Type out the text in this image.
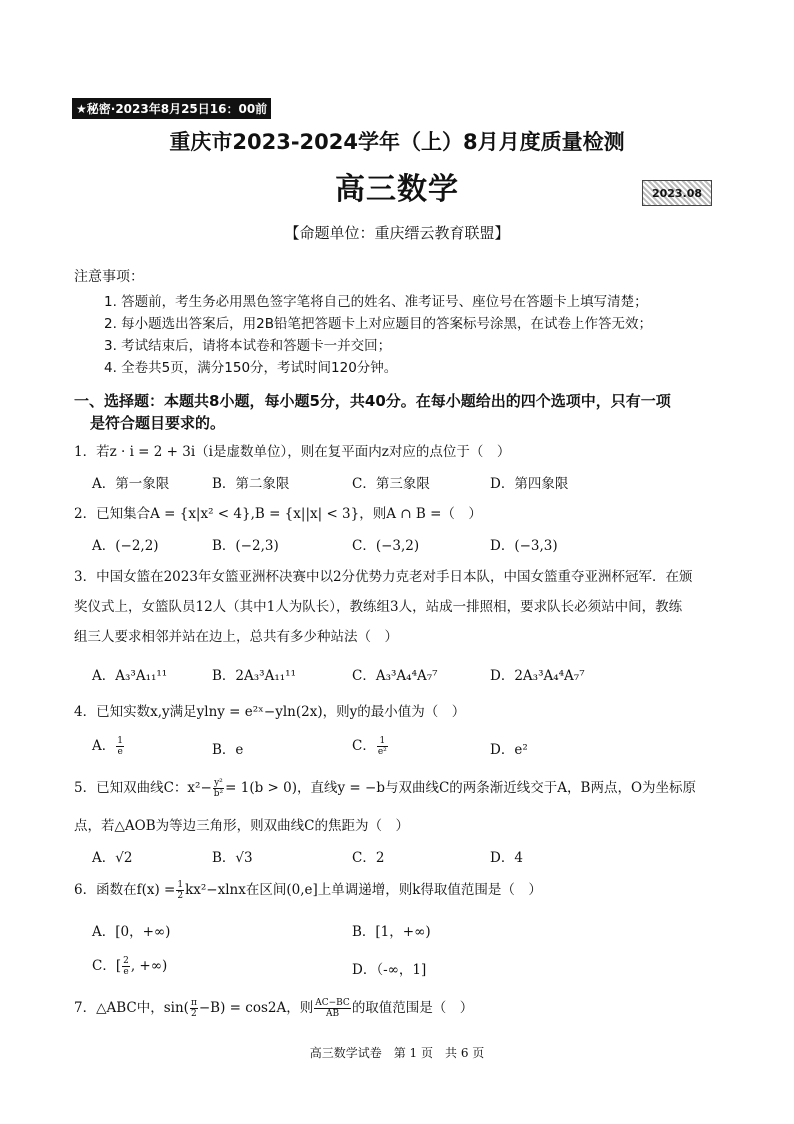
★秘密·2023年8月25日16：00前
重庆市2023-2024学年（上）8月月度质量检测
高三数学	2023.08
【命题单位：重庆缙云教育联盟】
注意事项：
1. 答题前，考生务必用黑色签字笔将自己的姓名、准考证号、座位号在答题卡上填写清楚；
2. 每小题选出答案后，用2B铅笔把答题卡上对应题目的答案标号涂黑，在试卷上作答无效；
3. 考试结束后，请将本试卷和答题卡一并交回；
4. 全卷共5页，满分150分，考试时间120分钟。
一、选择题：本题共8小题，每小题5分，共40分。在每小题给出的四个选项中，只有一项
是符合题目要求的。
1．若z · i = 2 + 3i（i是虚数单位），则在复平面内z对应的点位于（　）
A．第一象限	B．第二象限	C．第三象限	D．第四象限
2．已知集合A = {x|x² < 4},B = {x||x| < 3}，则A ∩ B =（　）
A．(−2,2)	B．(−2,3)	C．(−3,2)	D．(−3,3)
3．中国女篮在2023年女篮亚洲杯决赛中以2分优势力克老对手日本队，中国女篮重夺亚洲杯冠军．在颁
奖仪式上，女篮队员12人（其中1人为队长），教练组3人，站成一排照相，要求队长必须站中间，教练
组三人要求相邻并站在边上，总共有多少种站法（　）
A．A₃³A₁₁¹¹	B．2A₃³A₁₁¹¹	C．A₃³A₄⁴A₇⁷	D．2A₃³A₄⁴A₇⁷
4．已知实数x,y满足ylny = e²ˣ−yln(2x)，则y的最小值为（　）
A． $\frac{1}{e}$	B．e	C． $\frac{1}{\text{e²}}$	D．e²
5．已知双曲线C：$x^2- \frac{\text{y²}}{\text{b²}} = 1(b > 0)$，直线y = −b与双曲线C的两条渐近线交于A，B两点，O为坐标原
点，若△AOB为等边三角形，则双曲线C的焦距为（　）
A．√2	B．√3	C．2	D．4
6．函数在$f(x) = \frac{1}{2} kx^2-xlnx$在区间(0,e]上单调递增，则k得取值范围是（　）
A．[0，+∞)	B．[1，+∞)
C．[ $\frac{2}{e}$ , +∞)	D．（-∞，1]
7．△ABC中，$\sin( \frac{\pi}{2} -B) = \cos 2A$，则 $\frac{AC-BC}{AB}$ 的取值范围是（　）
高三数学试卷　第 1 页　共 6 页
